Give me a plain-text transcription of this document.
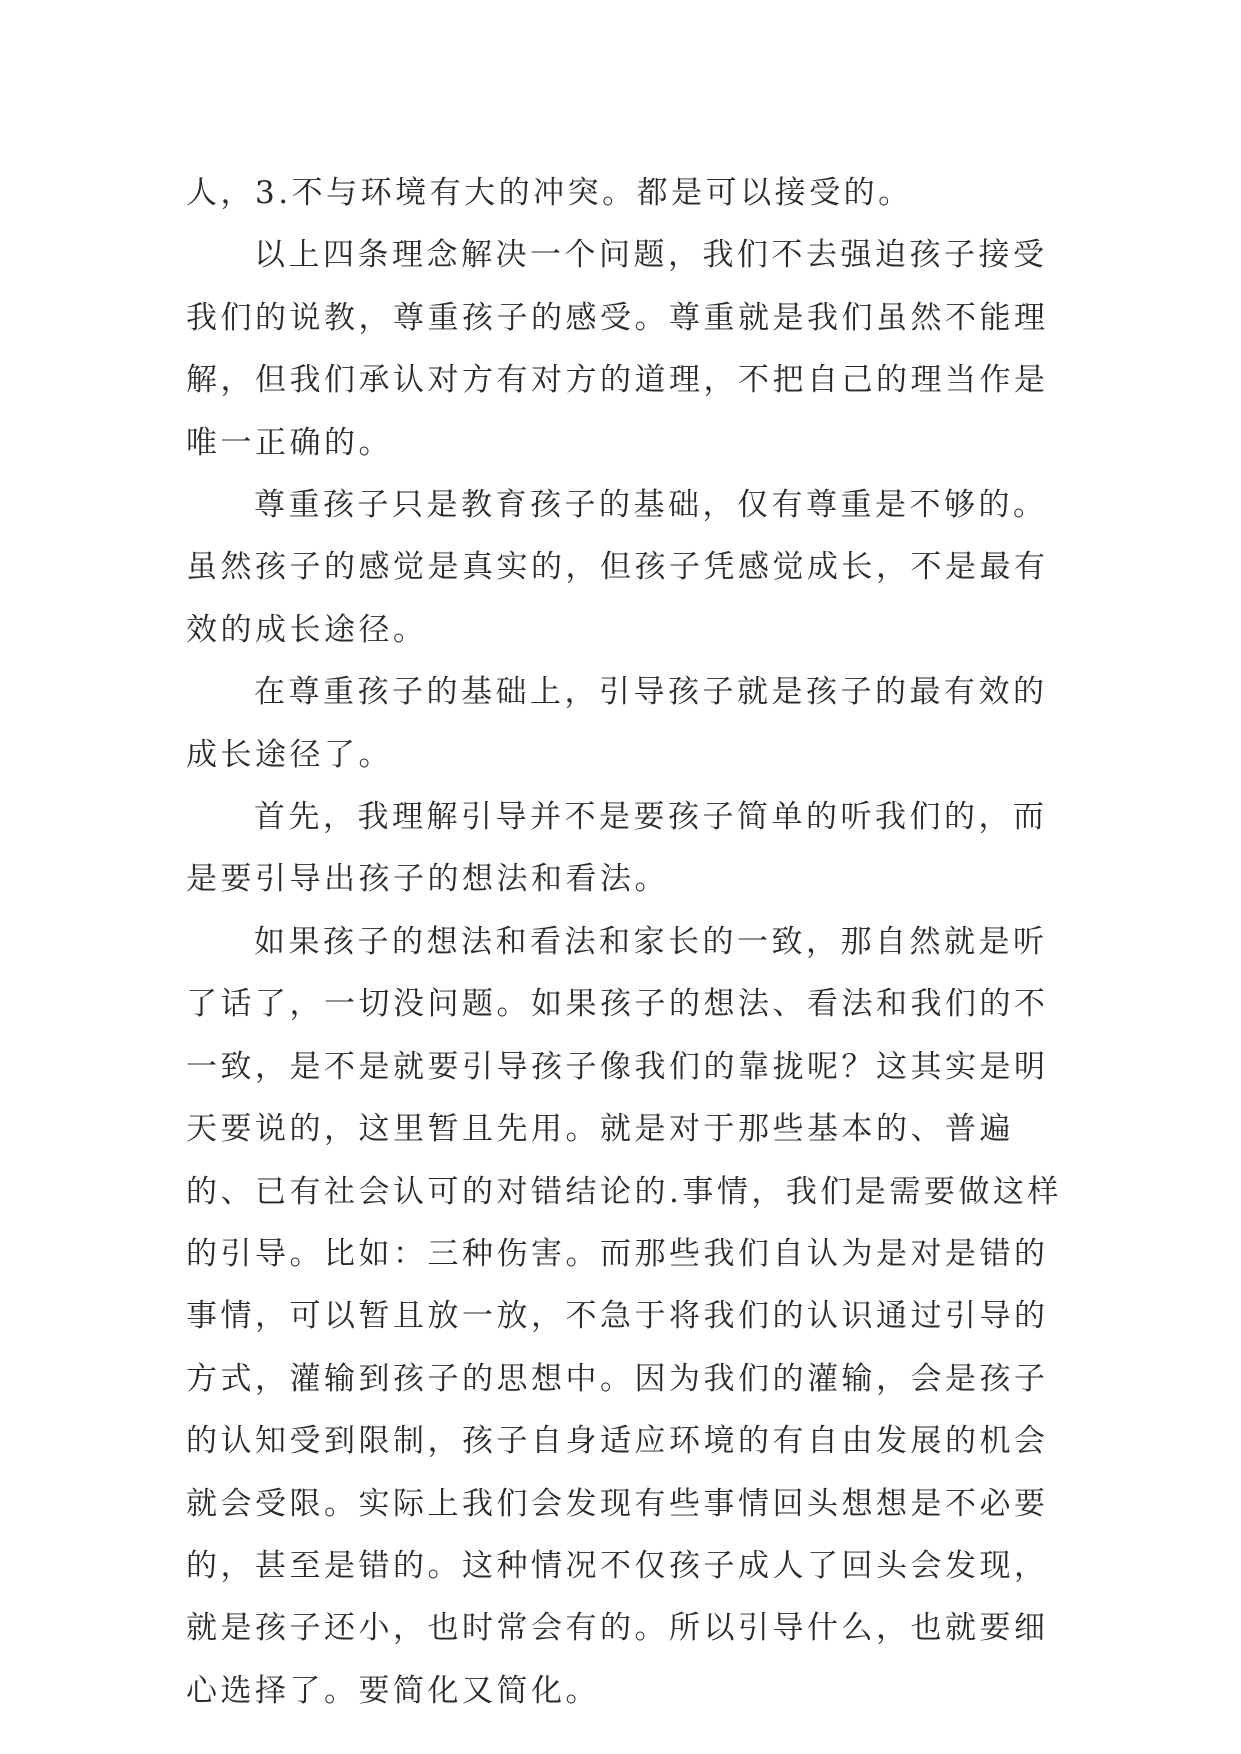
人，3.不与环境有大的冲突。都是可以接受的。

以上四条理念解决一个问题，我们不去强迫孩子接受我们的说教，尊重孩子的感受。尊重就是我们虽然不能理解，但我们承认对方有对方的道理，不把自己的理当作是唯一正确的。

尊重孩子只是教育孩子的基础，仅有尊重是不够的。虽然孩子的感觉是真实的，但孩子凭感觉成长，不是最有效的成长途径。

在尊重孩子的基础上，引导孩子就是孩子的最有效的成长途径了。

首先，我理解引导并不是要孩子简单的听我们的，而是要引导出孩子的想法和看法。

如果孩子的想法和看法和家长的一致，那自然就是听了话了，一切没问题。如果孩子的想法、看法和我们的不一致，是不是就要引导孩子像我们的靠拢呢？这其实是明天要说的，这里暂且先用。就是对于那些基本的、普遍的、已有社会认可的对错结论的.事情，我们是需要做这样的引导。比如：三种伤害。而那些我们自认为是对是错的事情，可以暂且放一放，不急于将我们的认识通过引导的方式，灌输到孩子的思想中。因为我们的灌输，会是孩子的认知受到限制，孩子自身适应环境的有自由发展的机会就会受限。实际上我们会发现有些事情回头想想是不必要的，甚至是错的。这种情况不仅孩子成人了回头会发现，就是孩子还小，也时常会有的。所以引导什么，也就要细心选择了。要简化又简化。
